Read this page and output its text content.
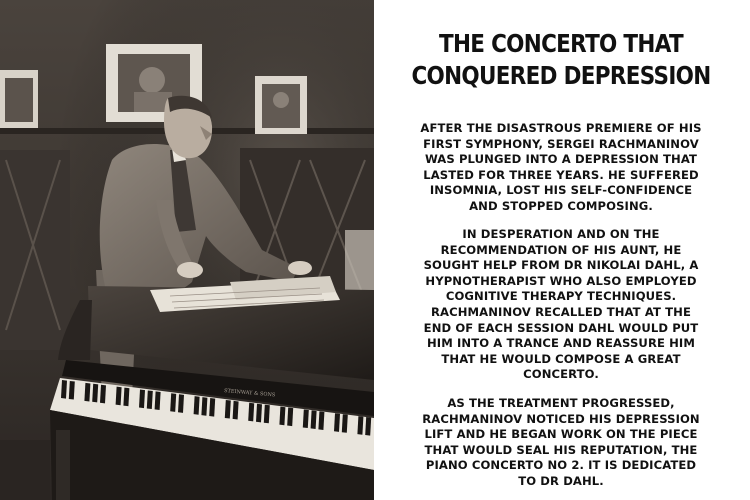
STEINWAY & SONS
THE CONCERTO THAT
CONQUERED DEPRESSION

AFTER THE DISASTROUS PREMIERE OF HIS
FIRST SYMPHONY, SERGEI RACHMANINOV
WAS PLUNGED INTO A DEPRESSION THAT
LASTED FOR THREE YEARS. HE SUFFERED
INSOMNIA, LOST HIS SELF-CONFIDENCE
AND STOPPED COMPOSING.

IN DESPERATION AND ON THE
RECOMMENDATION OF HIS AUNT, HE
SOUGHT HELP FROM DR NIKOLAI DAHL, A
HYPNOTHERAPIST WHO ALSO EMPLOYED
COGNITIVE THERAPY TECHNIQUES.
RACHMANINOV RECALLED THAT AT THE
END OF EACH SESSION DAHL WOULD PUT
HIM INTO A TRANCE AND REASSURE HIM
THAT HE WOULD COMPOSE A GREAT
CONCERTO.

AS THE TREATMENT PROGRESSED,
RACHMANINOV NOTICED HIS DEPRESSION
LIFT AND HE BEGAN WORK ON THE PIECE
THAT WOULD SEAL HIS REPUTATION, THE
PIANO CONCERTO NO 2. IT IS DEDICATED
TO DR DAHL.
